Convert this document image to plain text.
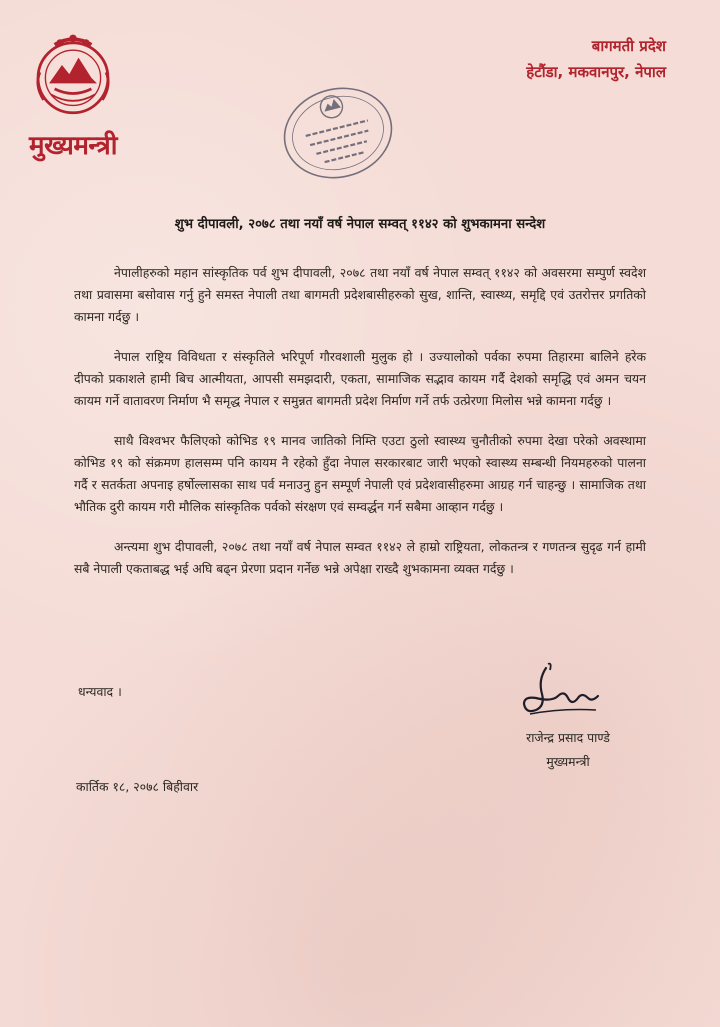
मुख्यमन्त्री
बागमती प्रदेश
हेटौंडा, मकवानपुर, नेपाल
शुभ दीपावली, २०७८ तथा नयाँ वर्ष नेपाल सम्वत् ११४२ को शुभकामना सन्देश

नेपालीहरुको महान सांस्कृतिक पर्व शुभ दीपावली, २०७८ तथा नयाँ वर्ष नेपाल सम्वत् ११४२ को अवसरमा सम्पुर्ण स्वदेश तथा प्रवासमा बसोवास गर्नु हुने समस्त नेपाली तथा बागमती प्रदेशबासीहरुको सुख, शान्ति, स्वास्थ्य, समृद्दि एवं उतरोत्तर प्रगतिको कामना गर्दछु ।

नेपाल राष्ट्रिय विविधता र संस्कृतिले भरिपूर्ण गौरवशाली मुलुक हो । उज्यालोको पर्वका रुपमा तिहारमा बालिने हरेक दीपको प्रकाशले हामी बिच आत्मीयता, आपसी समझदारी, एकता, सामाजिक सद्भाव कायम गर्दै देशको समृद्धि एवं अमन चयन कायम गर्ने वातावरण निर्माण भै समृद्ध नेपाल र समुन्नत बागमती प्रदेश निर्माण गर्ने तर्फ उत्प्रेरणा मिलोस भन्ने कामना गर्दछु ।

साथै विश्वभर फैलिएको कोभिड १९ मानव जातिको निम्ति एउटा ठुलो स्वास्थ्य चुनौतीको रुपमा देखा परेको अवस्थामा कोभिड १९ को संक्रमण हालसम्म पनि कायम नै रहेको हुँदा नेपाल सरकारबाट जारी भएको स्वास्थ्य सम्बन्धी नियमहरुको पालना गर्दै र सतर्कता अपनाइ हर्षोल्लासका साथ पर्व मनाउनु हुन सम्पूर्ण नेपाली एवं प्रदेशवासीहरुमा आग्रह गर्न चाहन्छु । सामाजिक तथा भौतिक दुरी कायम गरी मौलिक सांस्कृतिक पर्वको संरक्षण एवं सम्वर्द्धन गर्न सबैमा आव्हान गर्दछु ।

अन्त्यमा शुभ दीपावली, २०७८ तथा नयाँ वर्ष नेपाल सम्वत ११४२ ले हाम्रो राष्ट्रियता, लोकतन्त्र र गणतन्त्र सुदृढ गर्न हामी सबै नेपाली एकताबद्ध भई अघि बढ्न प्रेरणा प्रदान गर्नेछ भन्ने अपेक्षा राख्दै शुभकामना व्यक्त गर्दछु ।

धन्यवाद ।
राजेन्द्र प्रसाद पाण्डे
मुख्यमन्त्री
कार्तिक १८, २०७८ बिहीवार
